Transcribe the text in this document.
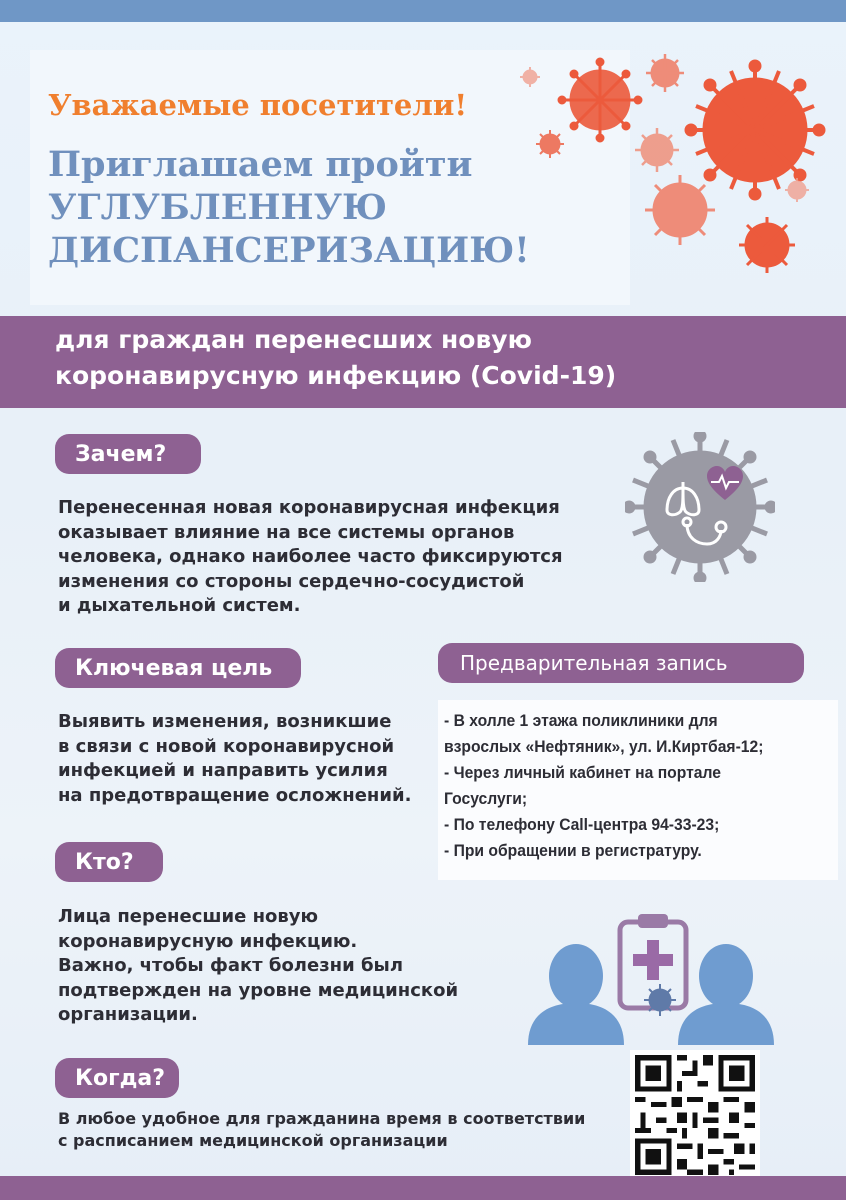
Уважаемые посетители!
Приглашаем пройти
УГЛУБЛЕННУЮ
ДИСПАНСЕРИЗАЦИЮ!
для граждан перенесших новую
коронавирусную инфекцию (Covid-19)
Зачем?
Перенесенная новая коронавирусная инфекция
оказывает влияние на все системы органов
человека, однако наиболее часто фиксируются
изменения со стороны сердечно-сосудистой
и дыхательной систем.
Ключевая цель
Выявить изменения, возникшие
в связи с новой коронавирусной
инфекцией и направить усилия
на предотвращение осложнений.
Предварительная запись
- В холле 1 этажа поликлиники для
взрослых «Нефтяник», ул. И.Киртбая-12;
- Через личный кабинет на портале
Госуслуги;
- По телефону Call-центра 94-33-23;
- При обращении в регистратуру.
Кто?
Лица перенесшие новую
коронавирусную инфекцию.
Важно, чтобы факт болезни был
подтвержден на уровне медицинской
организации.
Когда?
В любое удобное для гражданина время в соответствии
с расписанием медицинской организации
